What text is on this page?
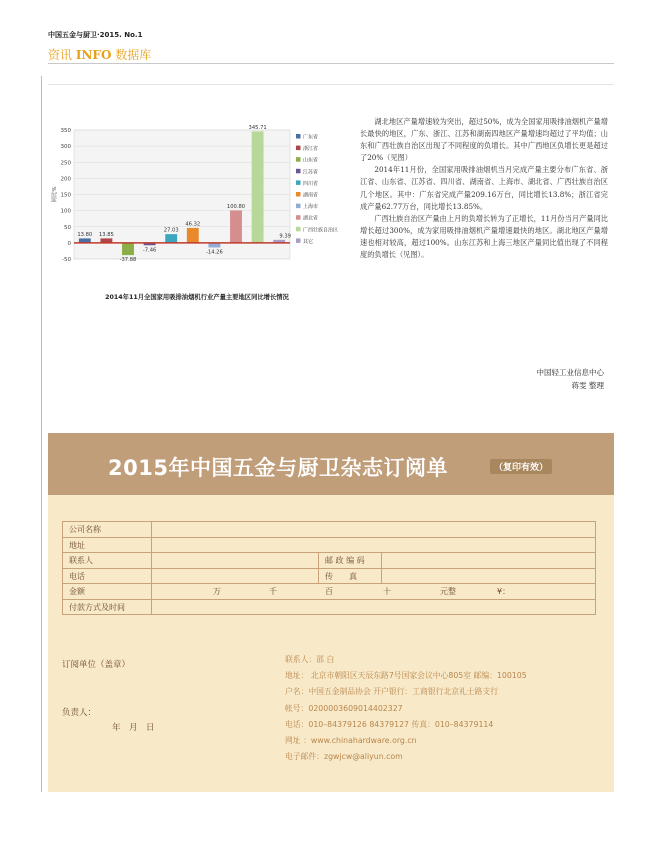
中国五金与厨卫·2015. No.1
资讯 INFO 数据库
350
300
250
200
150
100
50
0
-50
同比%
13.80 13.85
-37.88
-7.46
27.03
46.32
-14.26
100.80
345.71
9.39
广东省
浙江省
山东省
江苏省
四川省
湖南省
上海市
湖北省
广西壮族自治区
其它
2014年11月全国家用吸排油烟机行业产量主要地区同比增长情况

湖北地区产量增速较为突出，超过50%，成为全国家用吸排油烟机产量增长最快的地区，广东、浙江、江苏和湖南四地区产量增速均超过了平均值；山东和广西壮族自治区出现了不同程度的负增长。其中广西地区负增长更是超过了20%（见图）

2014年11月份，全国家用吸排油烟机当月完成产量主要分布广东省、浙江省、山东省、江苏省、四川省、湖南省、上海市、湖北省、广西壮族自治区几个地区。其中：广东省完成产量209.16万台，同比增长13.8%；浙江省完成产量62.77万台，同比增长13.85%。

广西壮族自治区产量由上月的负增长转为了正增长，11月份当月产量同比增长超过300%，成为家用吸排油烟机产量增速最快的地区。湖北地区产量增速也相对较高，超过100%。山东江苏和上海三地区产量同比值出现了不同程度的负增长（见图）。

中国轻工业信息中心
蒋雯 整理
2015年中国五金与厨卫杂志订阅单	（复印有效）
公司名称
地址
联系人	邮 政 编 码
电话	传　　真
金额	万	千	百	十	元整	¥：
付款方式及时间
订阅单位（盖章）
负责人：
年　月　日
联系人：邵 白
地址： 北京市朝阳区天辰东路7号国家会议中心805室 邮编：100105
户名：中国五金制品协会 开户银行：工商银行北京礼士路支行
帐号：0200003609014402327
电话：010–84379126 84379127 传真：010–84379114
网址 ：www.chinahardware.org.cn
电子邮件：zgwjcw@aliyun.com
